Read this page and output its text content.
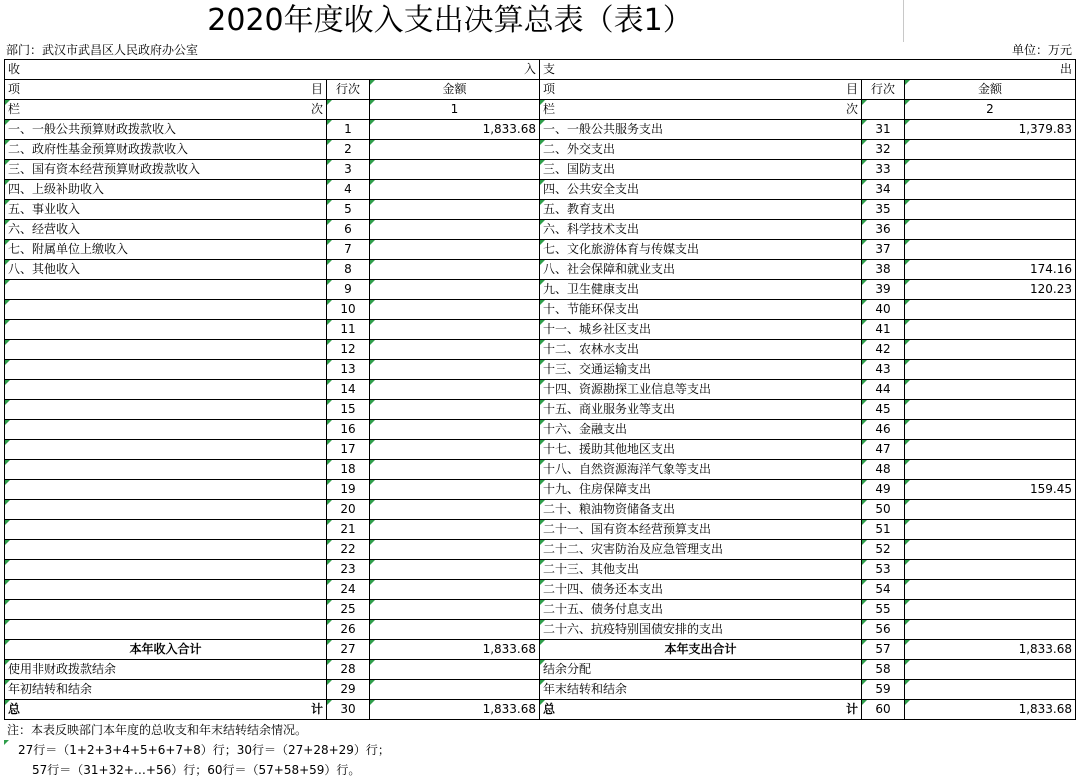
2020年度收入支出决算总表（表1）
部门：武汉市武昌区人民政府办公室	单位：万元
收 入			支 出		

项 目	行次	金额	项 目	行次	金额

栏 次		1	栏 次		2
一、一般公共预算财政拨款收入	1	1,833.68	一、一般公共服务支出	31	1,379.83
二、政府性基金预算财政拨款收入	2		二、外交支出	32	
三、国有资本经营预算财政拨款收入	3		三、国防支出	33	
四、上级补助收入	4		四、公共安全支出	34	
五、事业收入	5		五、教育支出	35	
六、经营收入	6		六、科学技术支出	36	
七、附属单位上缴收入	7		七、文化旅游体育与传媒支出	37	
八、其他收入	8		八、社会保障和就业支出	38	174.16
	9		九、卫生健康支出	39	120.23
	10		十、节能环保支出	40	
	11		十一、城乡社区支出	41	
	12		十二、农林水支出	42	
	13		十三、交通运输支出	43	
	14		十四、资源勘探工业信息等支出	44	
	15		十五、商业服务业等支出	45	
	16		十六、金融支出	46	
	17		十七、援助其他地区支出	47	
	18		十八、自然资源海洋气象等支出	48	
	19		十九、住房保障支出	49	159.45
	20		二十、粮油物资储备支出	50	
	21		二十一、国有资本经营预算支出	51	
	22		二十二、灾害防治及应急管理支出	52	
	23		二十三、其他支出	53	
	24		二十四、债务还本支出	54	
	25		二十五、债务付息支出	55	
	26		二十六、抗疫特别国债安排的支出	56	
本年收入合计	27	1,833.68	本年支出合计	57	1,833.68
使用非财政拨款结余	28		结余分配	58	
年初结转和结余	29		年末结转和结余	59	

总 计	30	1,833.68	总 计	60	1,833.68
注：本表反映部门本年度的总收支和年末结转结余情况。
27行＝（1+2+3+4+5+6+7+8）行；30行＝（27+28+29）行；
57行＝（31+32+…+56）行；60行＝（57+58+59）行。
